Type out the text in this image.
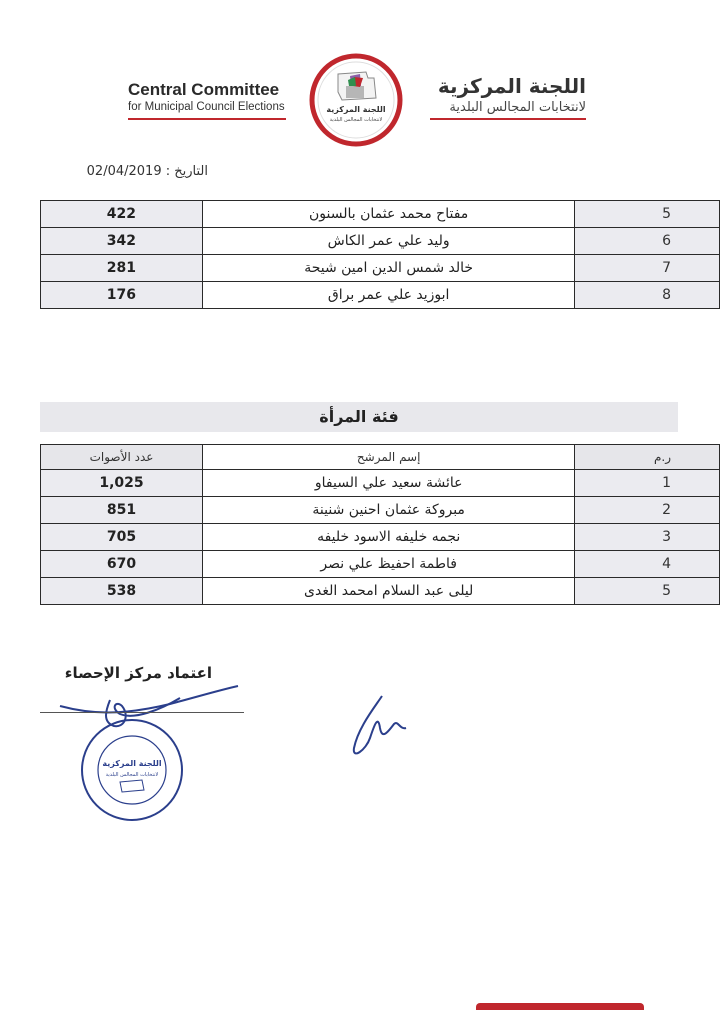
Central Committee
for Municipal Council Elections	اللجنة المركزية
لانتخابات المجالس البلدية
اللجنة المركزية
لانتخابات المجالس البلدية
التاريخ : 02/04/2019
5	مفتاح محمد عثمان بالسنون	422
6	وليد علي عمر الكاش	342
7	خالد شمس الدين امين شيحة	281
8	ابوزيد علي عمر براق	176
فئة المرأة
ر.م	إسم المرشح	عدد الأصوات
1	عائشة سعيد علي السيفاو	1,025
2	مبروكة عثمان احنين شنينة	851
3	نجمه خليفه الاسود خليفه	705
4	فاطمة احفيظ علي نصر	670
5	ليلى عبد السلام امحمد الغدى	538
اعتماد مركز الإحصاء
اللجنة المركزية
لانتخابات المجالس البلدية
